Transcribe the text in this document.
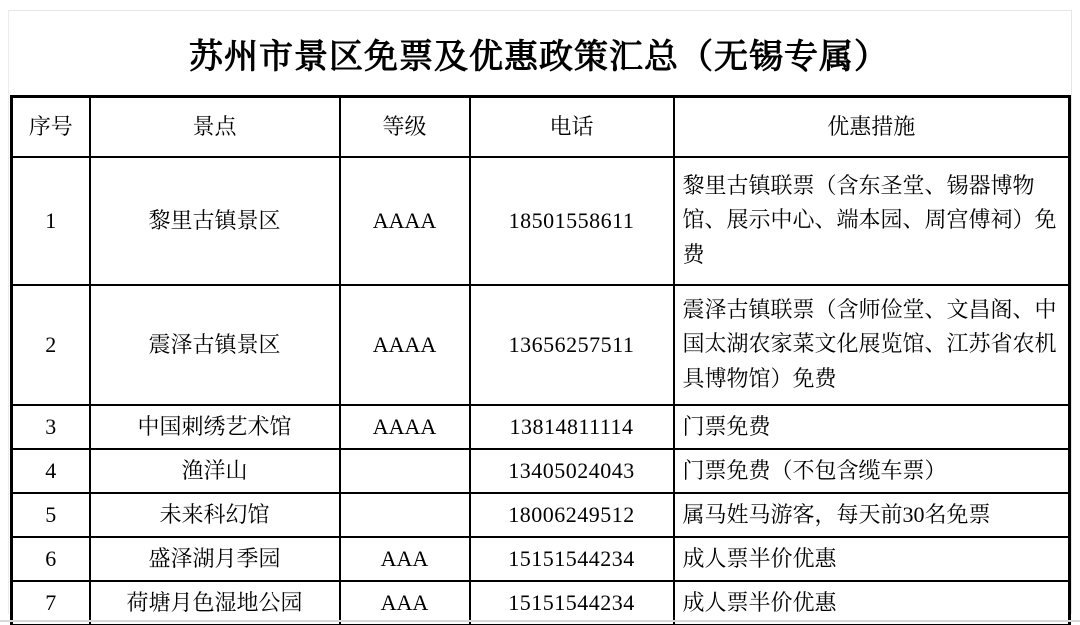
苏州市景区免票及优惠政策汇总（无锡专属）
序号	景点	等级	电话	优惠措施
1	黎里古镇景区	AAAA	18501558611	黎里古镇联票（含东圣堂、锡器博物馆、展示中心、端本园、周宫傅祠）免费
2	震泽古镇景区	AAAA	13656257511	震泽古镇联票（含师俭堂、文昌阁、中国太湖农家菜文化展览馆、江苏省农机具博物馆）免费
3	中国刺绣艺术馆	AAAA	13814811114	门票免费
4	渔洋山		13405024043	门票免费（不包含缆车票）
5	未来科幻馆		18006249512	属马姓马游客，每天前30名免票
6	盛泽湖月季园	AAA	15151544234	成人票半价优惠
7	荷塘月色湿地公园	AAA	15151544234	成人票半价优惠
